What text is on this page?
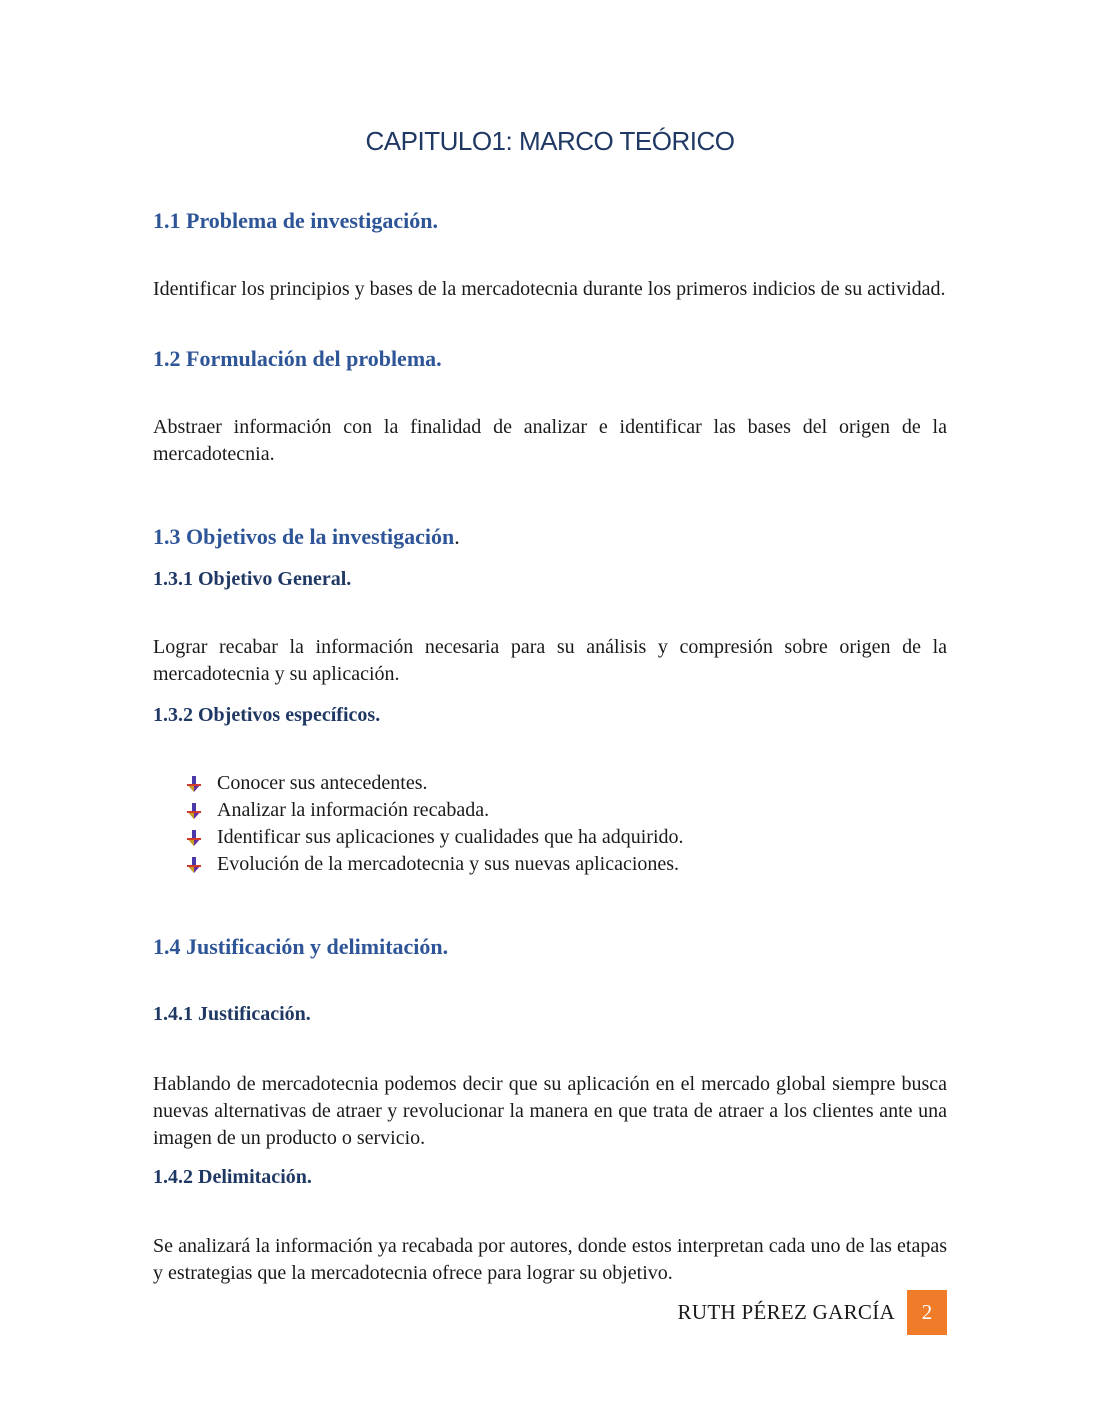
CAPITULO1: MARCO TEÓRICO
1.1 Problema de investigación.
Identificar los principios y bases de la mercadotecnia durante los primeros indicios de su actividad.
1.2 Formulación del problema.
Abstraer información con la finalidad de analizar e identificar las bases del origen de la mercadotecnia.
1.3 Objetivos de la investigación.
1.3.1 Objetivo General.
Lograr recabar la información necesaria para su análisis y compresión sobre origen de la mercadotecnia y su aplicación.
1.3.2 Objetivos específicos.
Conocer sus antecedentes.
Analizar la información recabada.
Identificar sus aplicaciones y cualidades que ha adquirido.
Evolución de la mercadotecnia y sus nuevas aplicaciones.
1.4 Justificación y delimitación.
1.4.1 Justificación.
Hablando de mercadotecnia podemos decir que su aplicación en el mercado global siempre busca nuevas alternativas de atraer y revolucionar la manera en que trata de atraer a los clientes ante una imagen de un producto o servicio.
1.4.2 Delimitación.
Se analizará la información ya recabada por autores, donde estos interpretan cada uno de las etapas y estrategias que la mercadotecnia ofrece para lograr su objetivo.
RUTH PÉREZ GARCÍA	2
